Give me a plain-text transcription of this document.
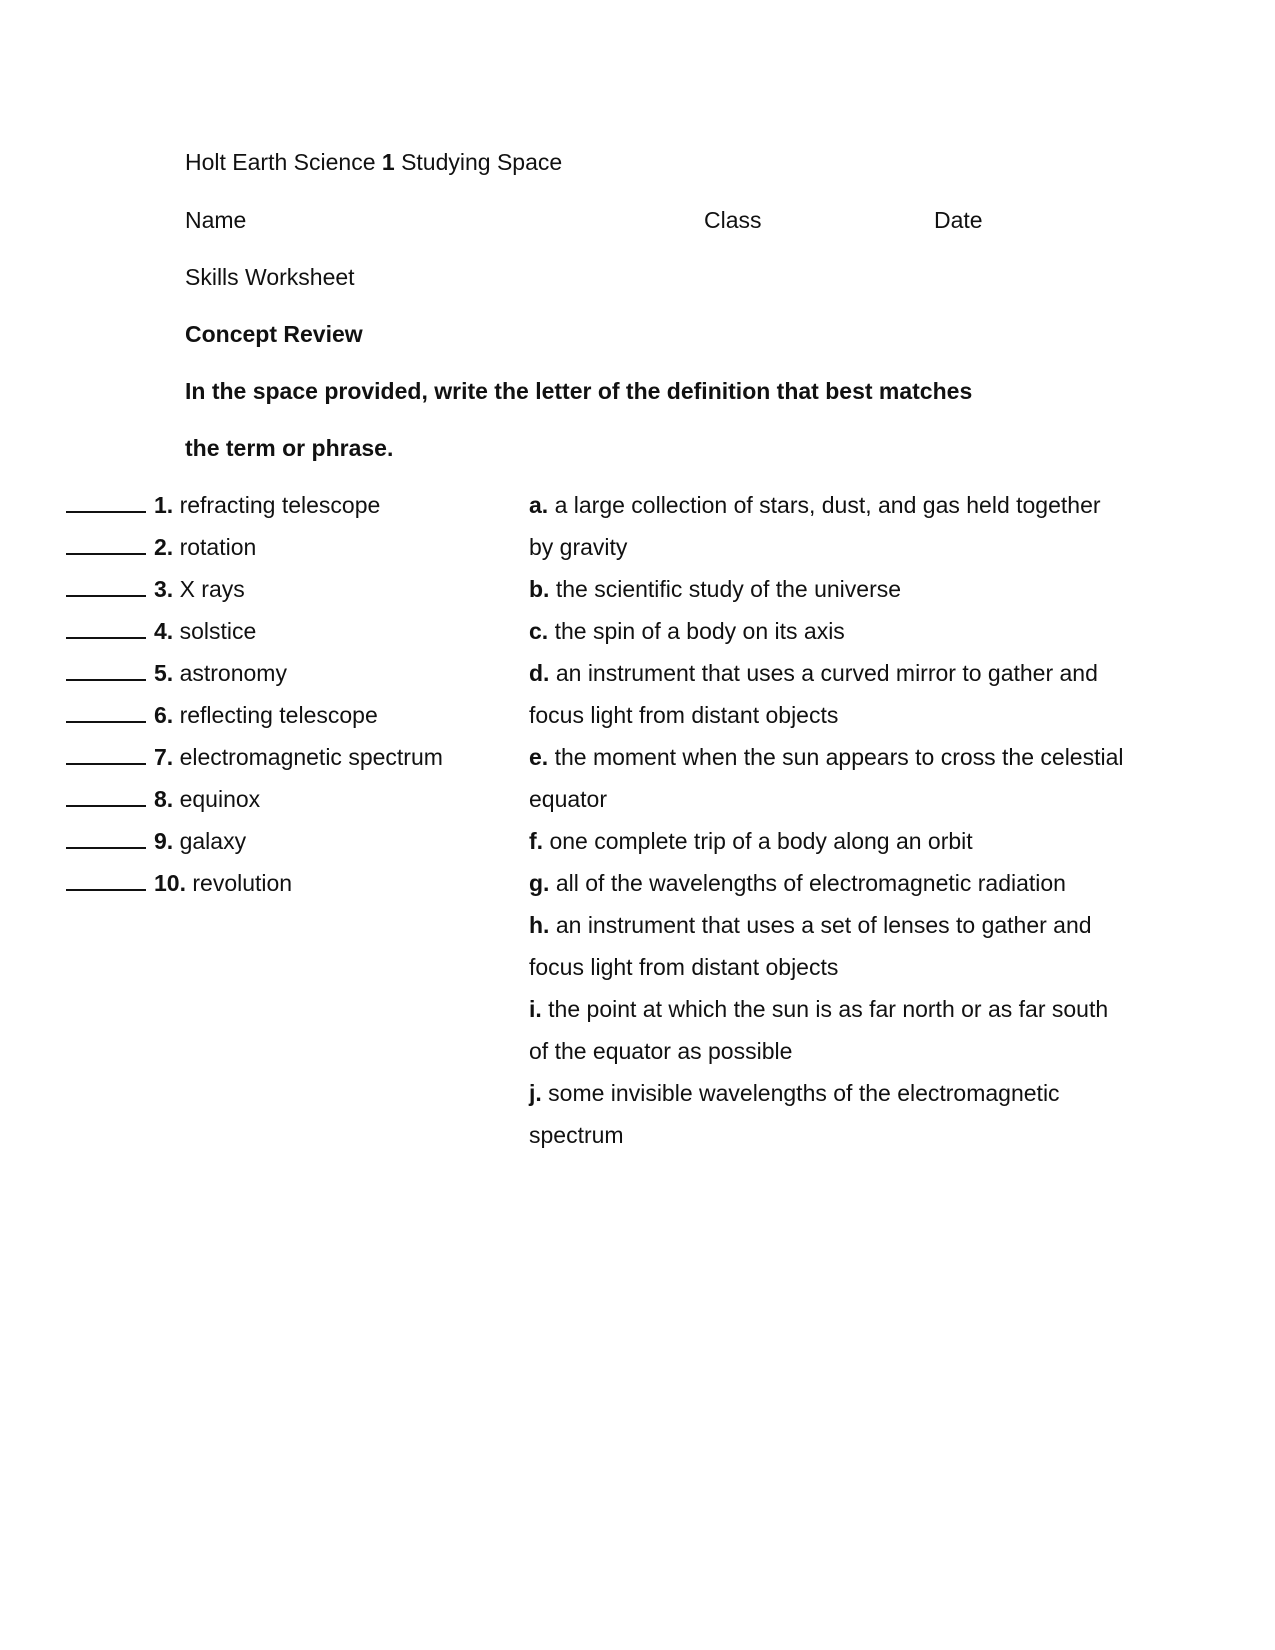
Holt Earth Science 1 Studying Space
Name	Class	Date
Skills Worksheet
Concept Review
In the space provided, write the letter of the definition that best matches
the term or phrase.
1. refracting telescope
2. rotation
3. X rays
4. solstice
5. astronomy
6. reflecting telescope
7. electromagnetic spectrum
8. equinox
9. galaxy
10. revolution
a. a large collection of stars, dust, and gas held together
by gravity
b. the scientific study of the universe
c. the spin of a body on its axis
d. an instrument that uses a curved mirror to gather and
focus light from distant objects
e. the moment when the sun appears to cross the celestial
equator
f. one complete trip of a body along an orbit
g. all of the wavelengths of electromagnetic radiation
h. an instrument that uses a set of lenses to gather and
focus light from distant objects
i. the point at which the sun is as far north or as far south
of the equator as possible
j. some invisible wavelengths of the electromagnetic
spectrum
